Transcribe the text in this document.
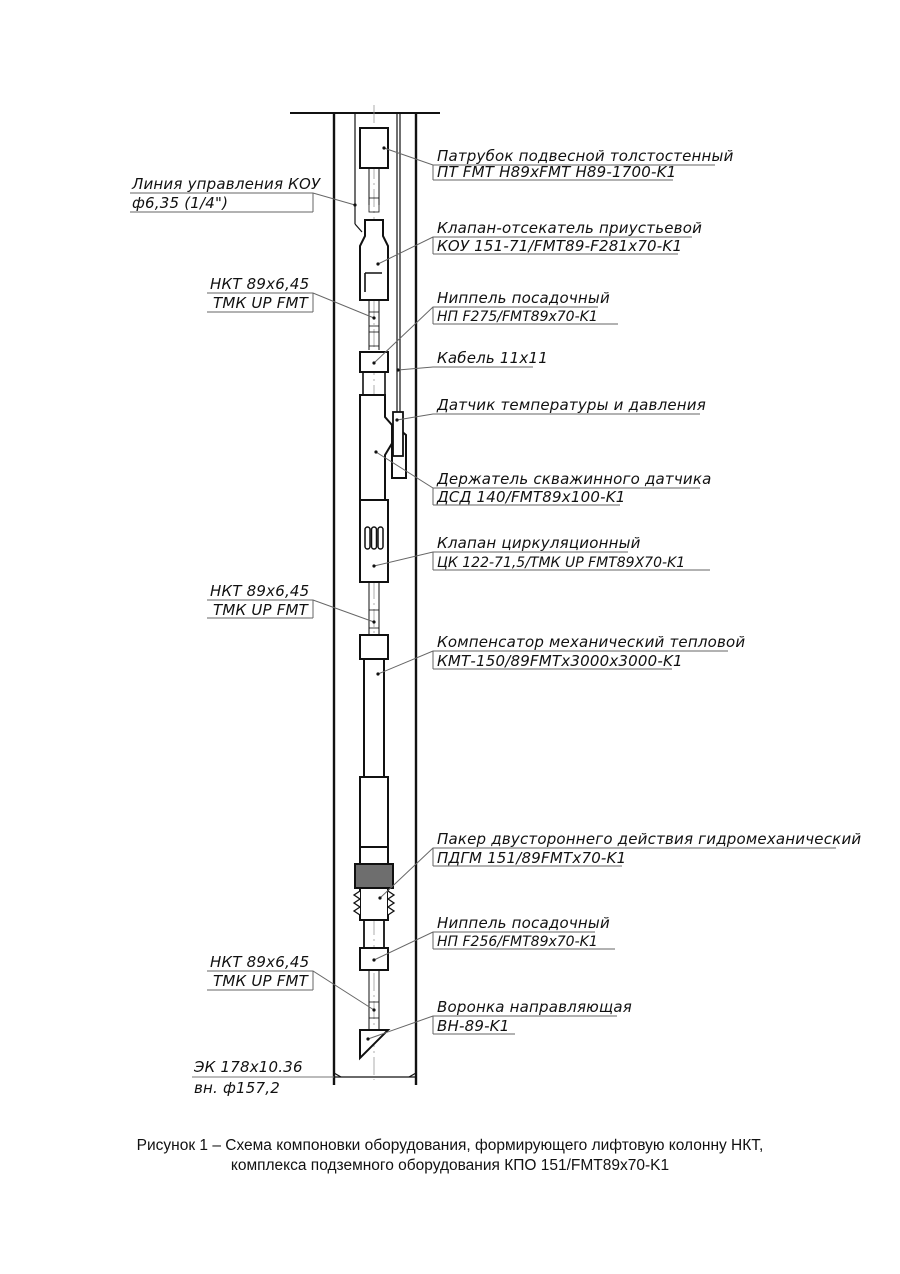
Патрубок подвесной толстостенный
ПТ FMT H89xFMT H89-1700-K1
Клапан-отсекатель приустьевой
КОУ 151-71/FMT89-F281x70-K1
Ниппель посадочный
НП F275/FMT89x70-K1
Кабель 11x11
Датчик температуры и давления
Держатель скважинного датчика
ДСД 140/FMT89x100-K1
Клапан циркуляционный
ЦК 122-71,5/ТМК UP FMT89X70-K1
Компенсатор механический тепловой
КМТ-150/89FMTx3000x3000-K1
Пакер двустороннего действия гидромеханический
ПДГМ 151/89FMTx70-K1
Ниппель посадочный
НП F256/FMT89x70-K1
Воронка направляющая
ВН-89-K1
Линия управления КОУ
ф6,35 (1/4")
НКТ 89x6,45
ТМК UP FMT
НКТ 89x6,45
ТМК UP FMT
НКТ 89x6,45
ТМК UP FMT
ЭК 178x10.36
вн. ф157,2
Рисунок 1 – Схема компоновки оборудования, формирующего лифтовую колонну НКТ,
комплекса подземного оборудования КПО 151/FMT89x70-K1
